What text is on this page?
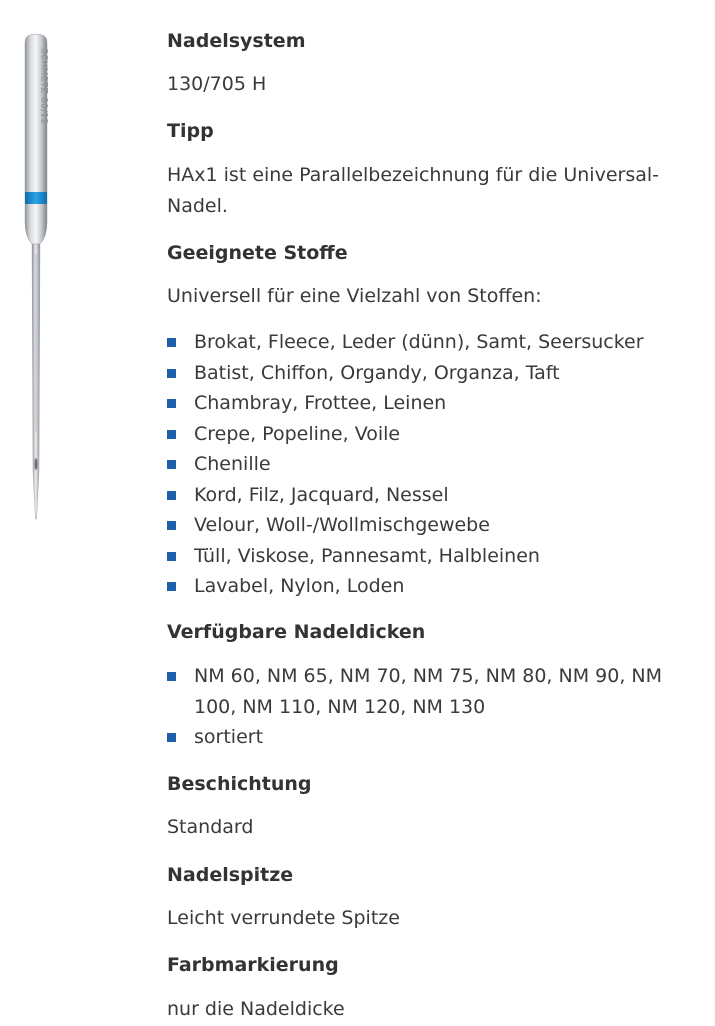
SCHMETZ 80/12
Nadelsystem
130/705 H
Tipp
HAx1 ist eine Parallelbezeichnung für die Universal-Nadel.
Geeignete Stoffe
Universell für eine Vielzahl von Stoffen:
Brokat, Fleece, Leder (dünn), Samt, Seersucker
Batist, Chiffon, Organdy, Organza, Taft
Chambray, Frottee, Leinen
Crepe, Popeline, Voile
Chenille
Kord, Filz, Jacquard, Nessel
Velour, Woll-/Wollmischgewebe
Tüll, Viskose, Pannesamt, Halbleinen
Lavabel, Nylon, Loden
Verfügbare Nadeldicken
NM 60, NM 65, NM 70, NM 75, NM 80, NM 90, NM 100, NM 110, NM 120, NM 130
sortiert
Beschichtung
Standard
Nadelspitze
Leicht verrundete Spitze
Farbmarkierung
nur die Nadeldicke
